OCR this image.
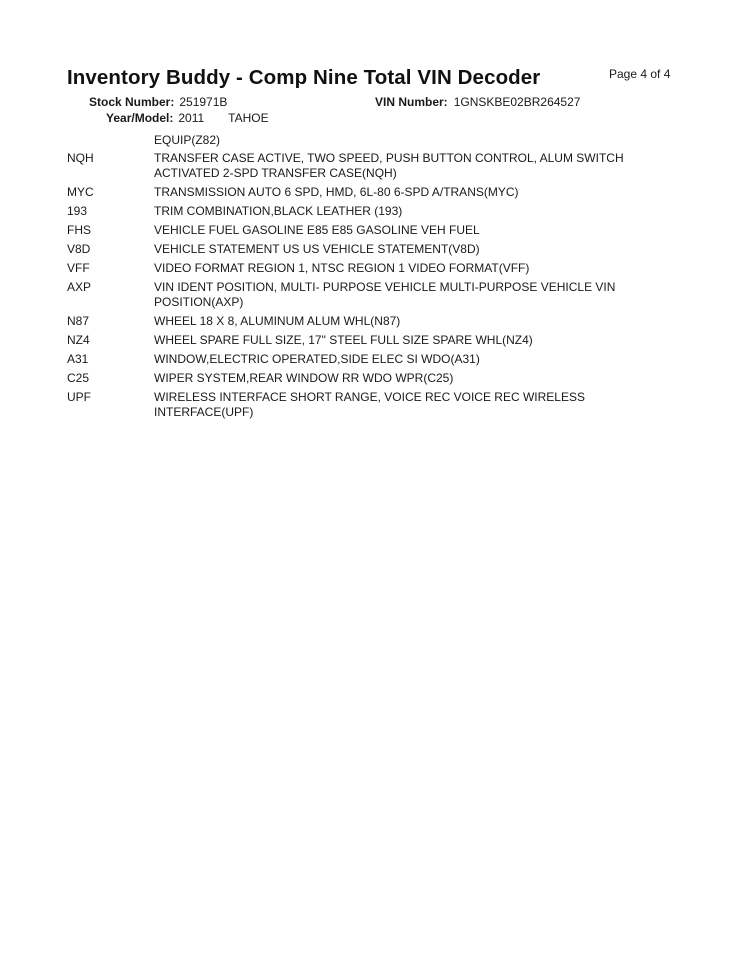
Inventory Buddy - Comp Nine Total VIN Decoder	Page 4 of 4
Stock Number: 251971B	VIN Number: 1GNSKBE02BR264527
Year/Model: 2011 TAHOE
EQUIP(Z82)
NQH	TRANSFER CASE ACTIVE, TWO SPEED, PUSH BUTTON CONTROL, ALUM SWITCH ACTIVATED 2-SPD TRANSFER CASE(NQH)
MYC	TRANSMISSION AUTO 6 SPD, HMD, 6L-80 6-SPD A/TRANS(MYC)
193	TRIM COMBINATION,BLACK LEATHER (193)
FHS	VEHICLE FUEL GASOLINE E85 E85 GASOLINE VEH FUEL
V8D	VEHICLE STATEMENT US US VEHICLE STATEMENT(V8D)
VFF	VIDEO FORMAT REGION 1, NTSC REGION 1 VIDEO FORMAT(VFF)
AXP	VIN IDENT POSITION, MULTI- PURPOSE VEHICLE MULTI-PURPOSE VEHICLE VIN POSITION(AXP)
N87	WHEEL 18 X 8, ALUMINUM ALUM WHL(N87)
NZ4	WHEEL SPARE FULL SIZE, 17" STEEL FULL SIZE SPARE WHL(NZ4)
A31	WINDOW,ELECTRIC OPERATED,SIDE ELEC SI WDO(A31)
C25	WIPER SYSTEM,REAR WINDOW RR WDO WPR(C25)
UPF	WIRELESS INTERFACE SHORT RANGE, VOICE REC VOICE REC WIRELESS INTERFACE(UPF)
